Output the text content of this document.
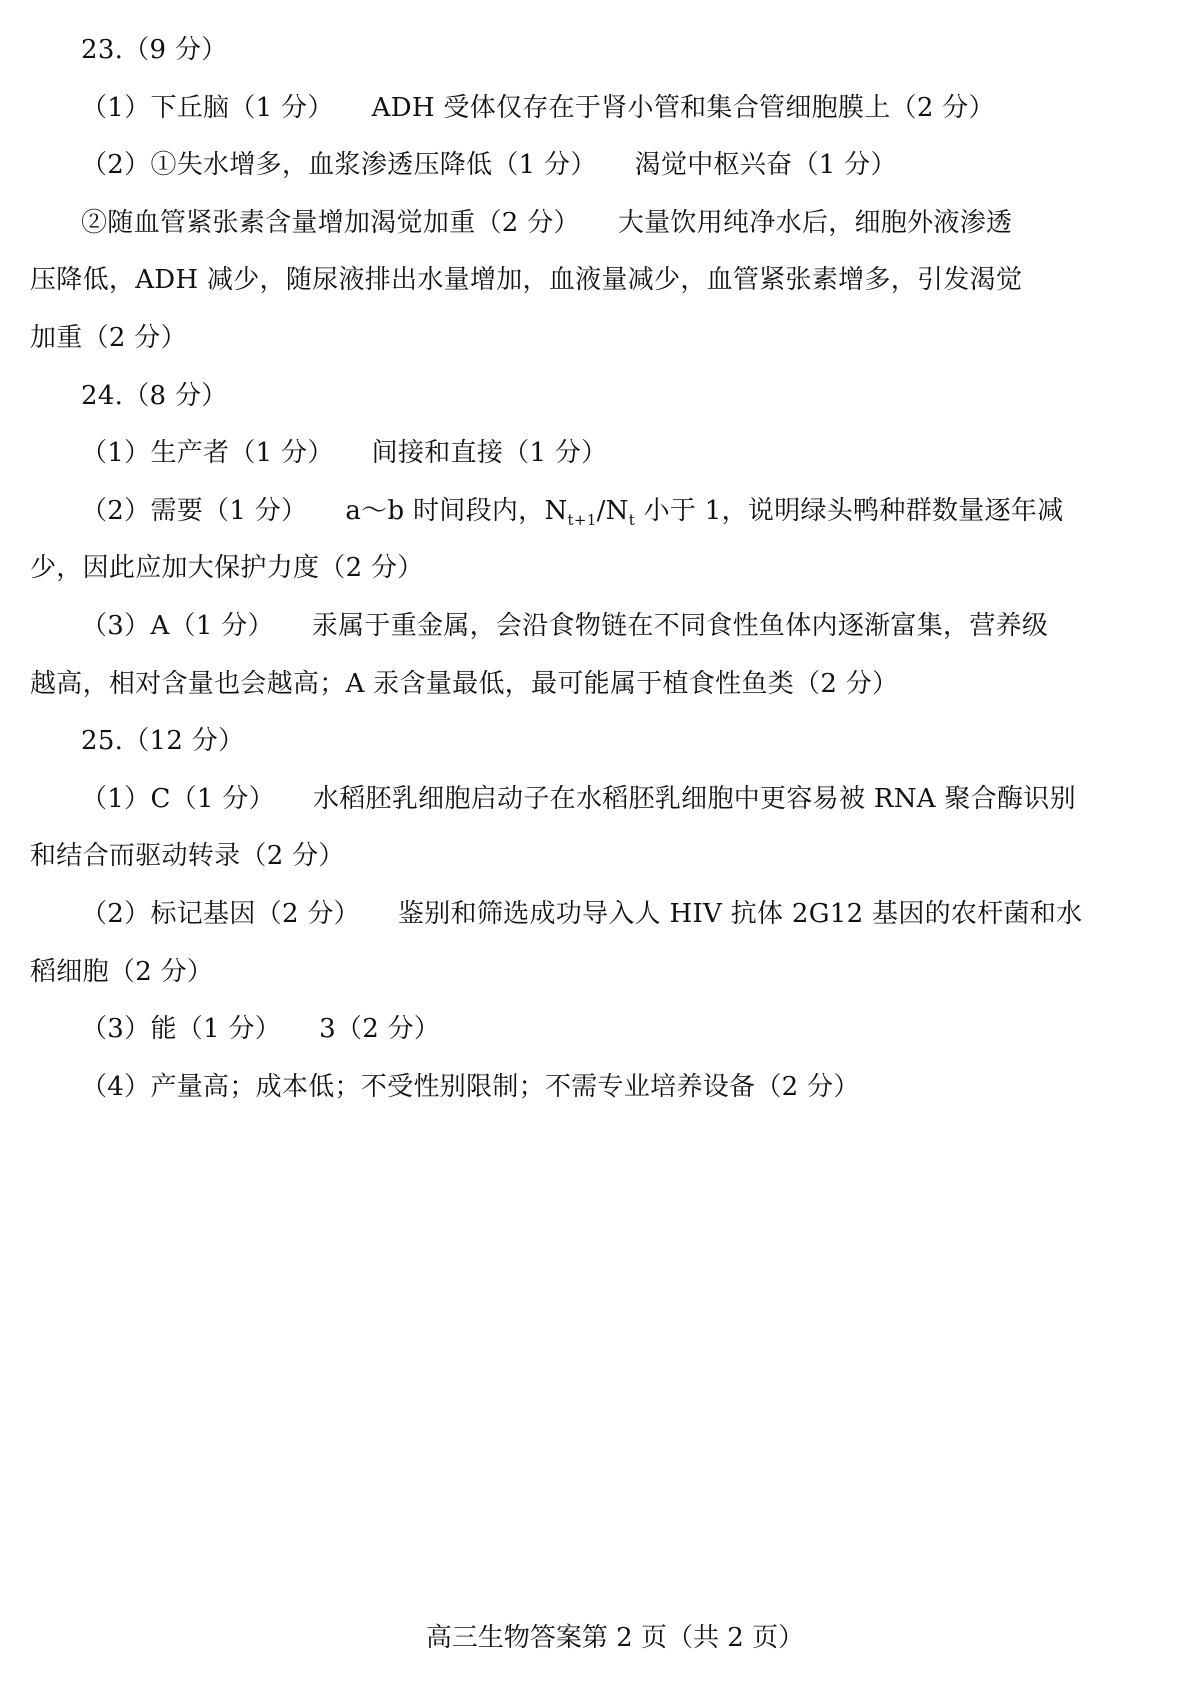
23.（9 分）
（1）下丘脑（1 分） ADH 受体仅存在于肾小管和集合管细胞膜上（2 分）
（2）①失水增多，血浆渗透压降低（1 分） 渴觉中枢兴奋（1 分）
②随血管紧张素含量增加渴觉加重（2 分） 大量饮用纯净水后，细胞外液渗透
压降低，ADH 减少，随尿液排出水量增加，血液量减少，血管紧张素增多，引发渴觉
加重（2 分）
24.（8 分）
（1）生产者（1 分） 间接和直接（1 分）
（2）需要（1 分） a～b 时间段内，$N_{t+1}/N_t$ 小于 1，说明绿头鸭种群数量逐年减
少，因此应加大保护力度（2 分）
（3）A（1 分） 汞属于重金属，会沿食物链在不同食性鱼体内逐渐富集，营养级
越高，相对含量也会越高；A 汞含量最低，最可能属于植食性鱼类（2 分）
25.（12 分）
（1）C（1 分） 水稻胚乳细胞启动子在水稻胚乳细胞中更容易被 RNA 聚合酶识别
和结合而驱动转录（2 分）
（2）标记基因（2 分） 鉴别和筛选成功导入人 HIV 抗体 2G12 基因的农杆菌和水
稻细胞（2 分）
（3）能（1 分） 3（2 分）
（4）产量高；成本低；不受性别限制；不需专业培养设备（2 分）
高三生物答案第 2 页（共 2 页）
